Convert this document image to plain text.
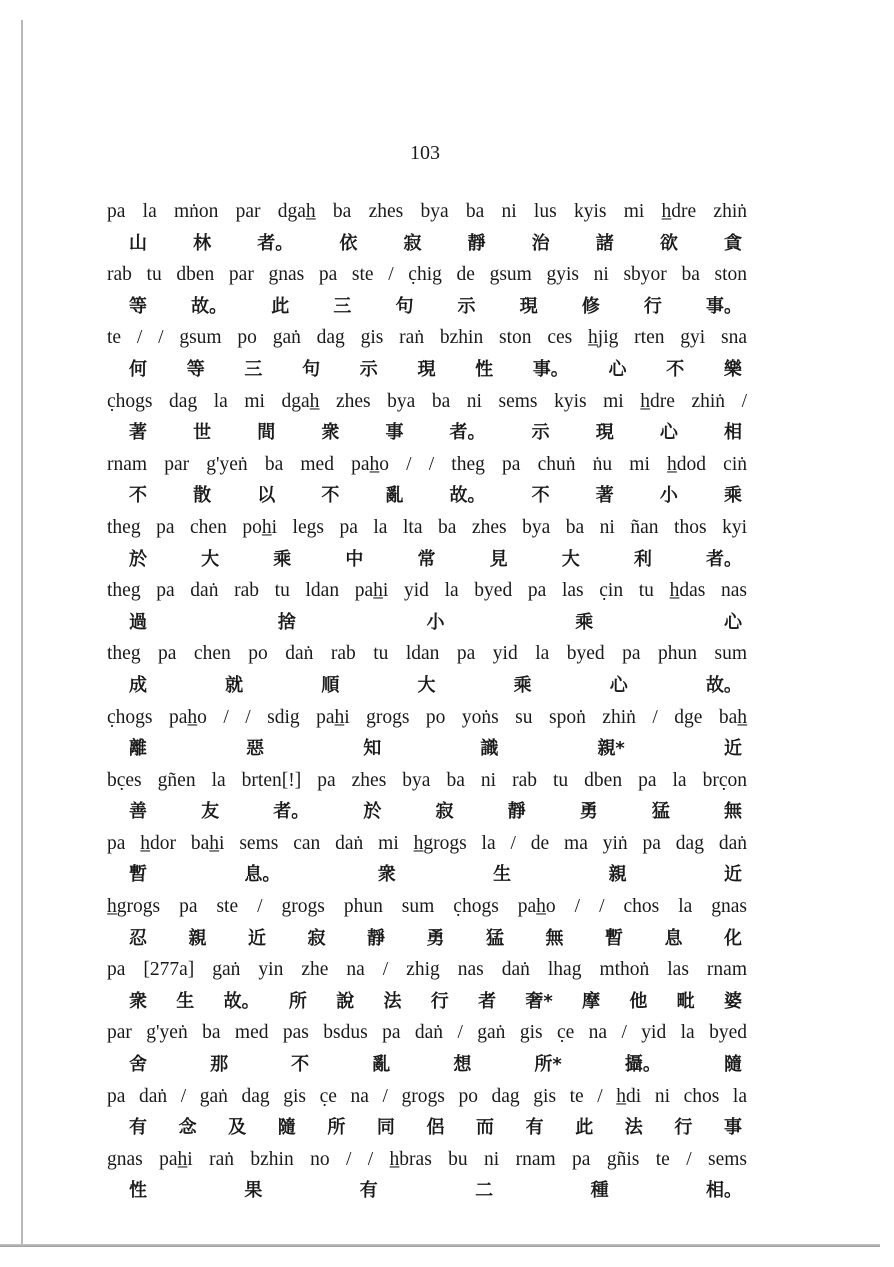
103
pa la mṅon par dgah̲ ba zhes bya ba ni lus kyis mi h̲dre zhiṅ
山	林	者。	依	寂	靜	治	諸	欲	貪
rab tu dben par gnas pa ste / c̣hig de gsum gyis ni sbyor ba ston
等 故。 此 三 句 示 現 修 行 事。
te / / gsum po gaṅ dag gis raṅ bzhin ston ces h̲jig rten gyi sna
何 等 三 句 示 現 性 事。 心 不 樂
c̣hogs dag la mi dgah̲ zhes bya ba ni sems kyis mi h̲dre zhiṅ /
著	世	間	衆	事	者。	示	現	心	相
rnam par g'yeṅ ba med pah̲o / / theg pa chuṅ ṅu mi h̲dod ciṅ
不	散	以	不	亂	故。	不	著	小	乘
theg pa chen poh̲i legs pa la lta ba zhes bya ba ni ñan thos kyi
於	大	乘	中	常	見	大	利	者。
theg pa daṅ rab tu ldan pah̲i yid la byed pa las c̣in tu h̲das nas
過	捨	小	乘	心
theg pa chen po daṅ rab tu ldan pa yid la byed pa phun sum
成	就	順	大	乘	心	故。
c̣hogs pah̲o / / sdig pah̲i grogs po yoṅs su spoṅ zhiṅ / dge bah̲
離	惡	知	識	親*	近
bc̣es gñen la brten[!] pa zhes bya ba ni rab tu dben pa la brc̣on
善	友	者。	於	寂	靜	勇	猛	無
pa h̲dor bah̲i sems can daṅ mi h̲grogs la / de ma yiṅ pa dag daṅ
暫	息。	衆	生	親	近
h̲grogs pa ste / grogs phun sum c̣hogs pah̲o / / chos la gnas
忍 親 近 寂 靜 勇 猛 無 暫 息 化
pa [277a] gaṅ yin zhe na / zhig nas daṅ lhag mthoṅ las rnam
衆 生 故。 所 說 法 行 者 奢* 摩 他 毗 婆
par g'yeṅ ba med pas bsdus pa daṅ / gaṅ gis c̣e na / yid la byed
舍	那	不	亂	想	所*	攝。	隨
pa daṅ / gaṅ dag gis c̣e na / grogs po dag gis te / h̲di ni chos la
有 念 及 隨 所 同 侶 而 有 此 法 行 事
gnas pah̲i raṅ bzhin no / / h̲bras bu ni rnam pa gñis te / sems
性	果	有	二	種	相。
